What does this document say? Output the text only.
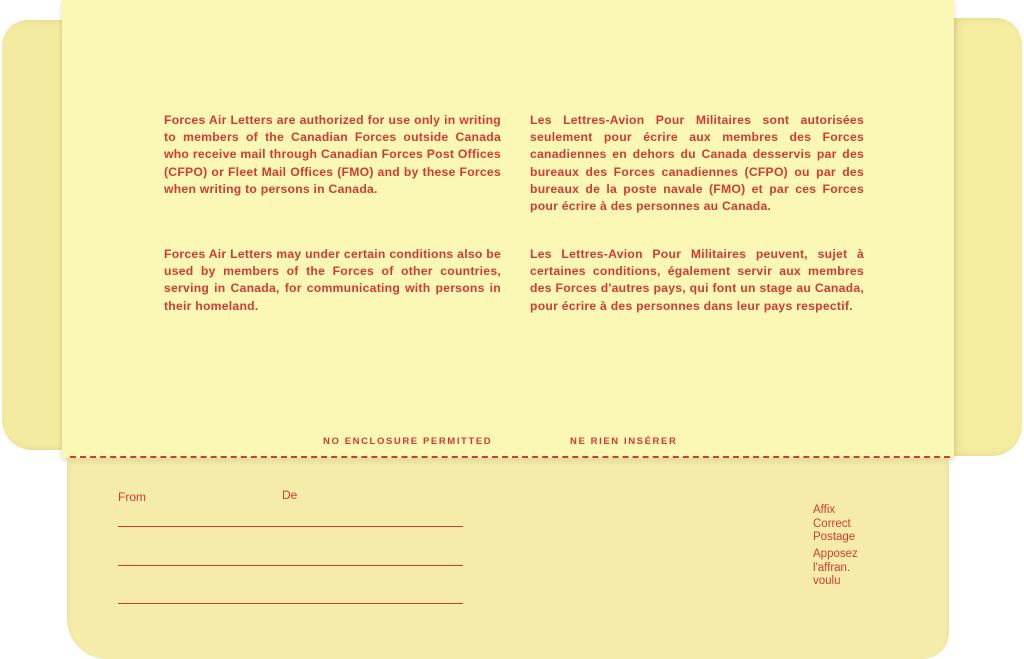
Forces Air Letters are authorized for use only in writing to members of the Canadian Forces outside Canada who receive mail through Canadian Forces Post Offices (CFPO) or Fleet Mail Offices (FMO) and by these Forces when writing to persons in Canada.

Forces Air Letters may under certain conditions also be used by members of the Forces of other countries, serving in Canada, for communicating with persons in their homeland.

Les Lettres-Avion Pour Militaires sont autorisées seulement pour écrire aux membres des Forces canadiennes en dehors du Canada desservis par des bureaux des Forces canadiennes (CFPO) ou par des bureaux de la poste navale (FMO) et par ces Forces pour écrire à des personnes au Canada.

Les Lettres-Avion Pour Militaires peuvent, sujet à certaines conditions, également servir aux membres des Forces d'autres pays, qui font un stage au Canada, pour écrire à des personnes dans leur pays respectif.

NO ENCLOSURE PERMITTED	NE RIEN INSÉRER
From	De
Affix
Correct
Postage
Apposez
l'affran.
voulu
